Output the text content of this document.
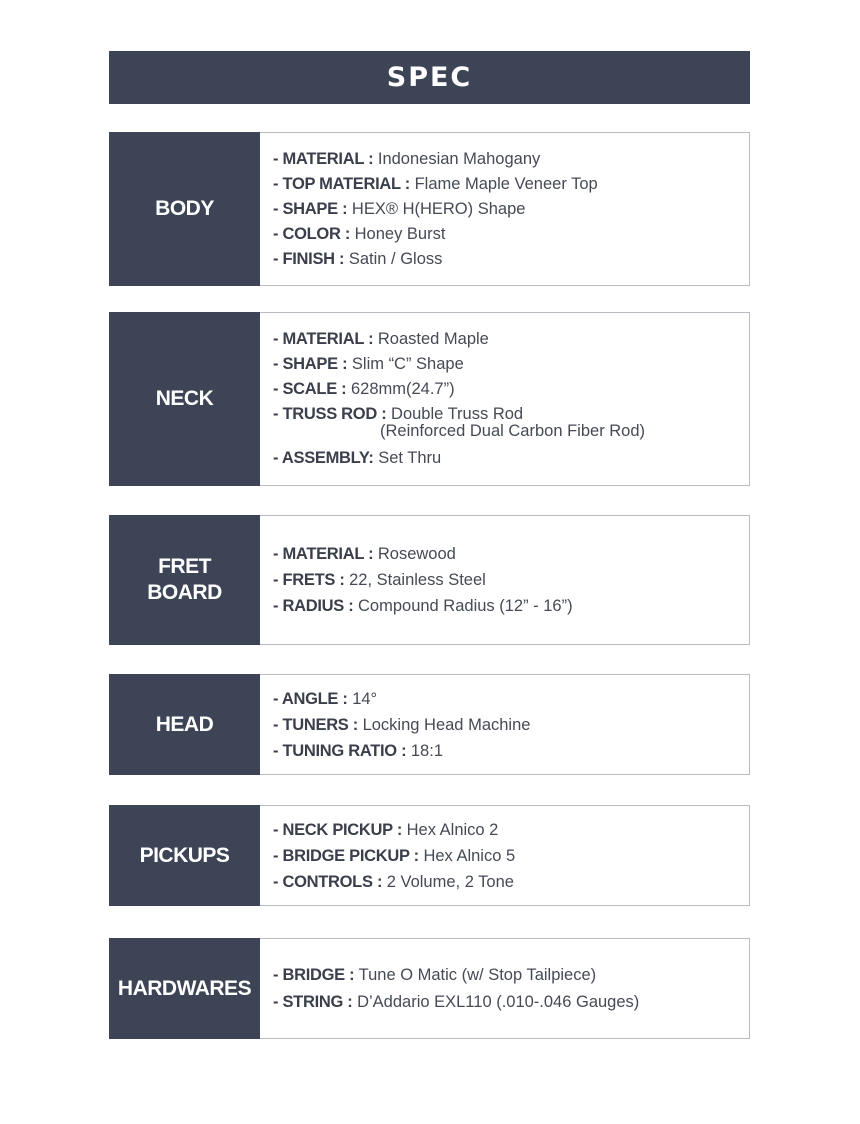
SPEC
BODY
- MATERIAL : Indonesian Mahogany
- TOP MATERIAL : Flame Maple Veneer Top
- SHAPE : HEX® H(HERO) Shape
- COLOR : Honey Burst
- FINISH : Satin / Gloss
NECK
- MATERIAL : Roasted Maple
- SHAPE : Slim “C” Shape
- SCALE : 628mm(24.7”)
- TRUSS ROD : Double Truss Rod
(Reinforced Dual Carbon Fiber Rod)
- ASSEMBLY: Set Thru
FRET
BOARD
- MATERIAL : Rosewood
- FRETS : 22, Stainless Steel
- RADIUS : Compound Radius (12” - 16”)
HEAD
- ANGLE : 14°
- TUNERS : Locking Head Machine
- TUNING RATIO : 18:1
PICKUPS
- NECK PICKUP : Hex Alnico 2
- BRIDGE PICKUP : Hex Alnico 5
- CONTROLS : 2 Volume, 2 Tone
HARDWARES
- BRIDGE : Tune O Matic (w/ Stop Tailpiece)
- STRING : D’Addario EXL110 (.010-.046 Gauges)
